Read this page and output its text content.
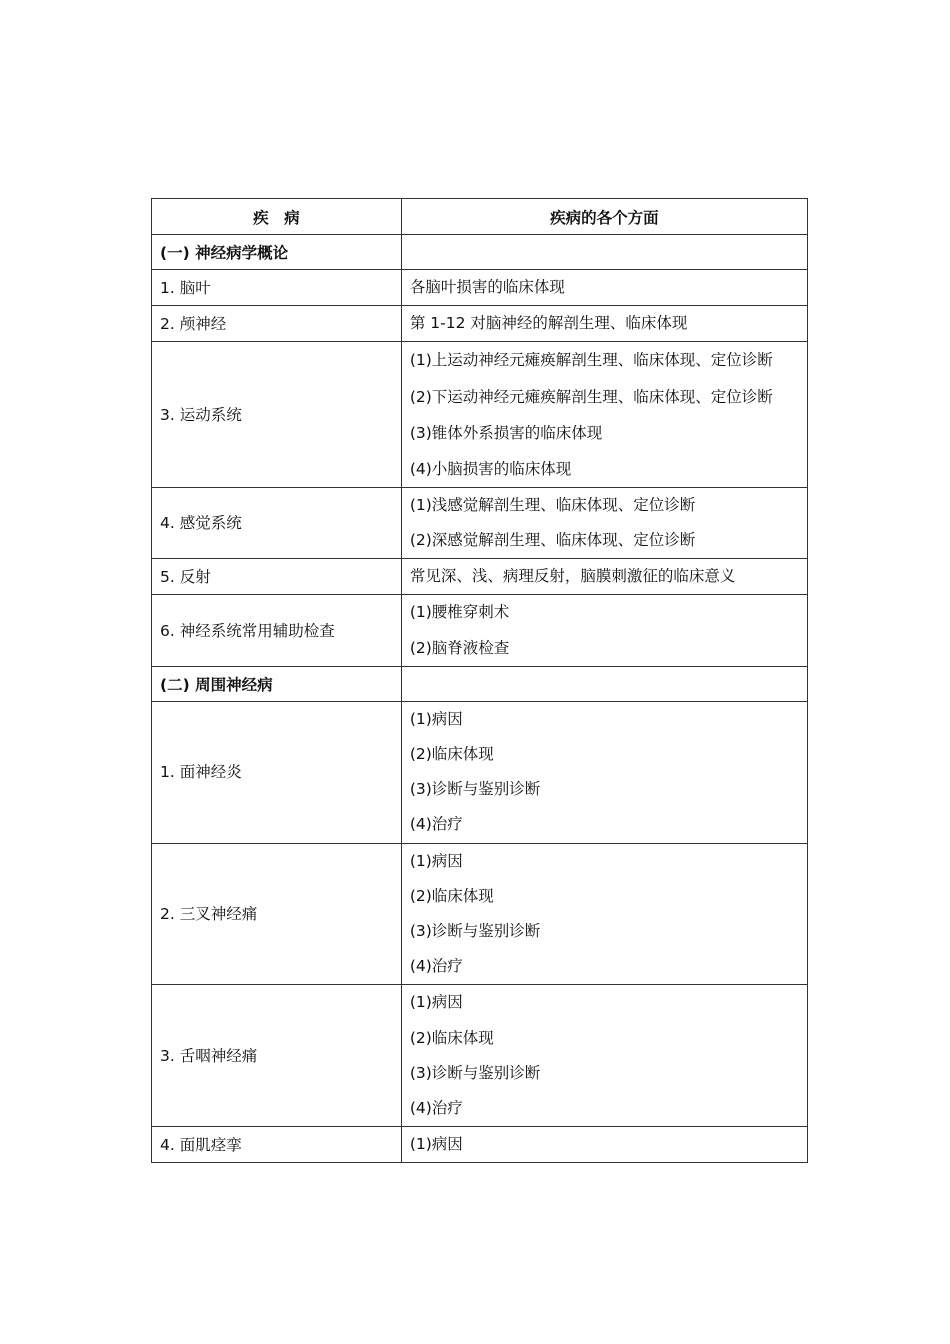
疾　病	疾病的各个方面
(一) 神经病学概论	
1. 脑叶	各脑叶损害的临床体现

2. 颅神经	第 1-12 对脑神经的解剖生理、临床体现

3. 运动系统	(1)上运动神经元瘫痪解剖生理、临床体现、定位诊断
(2)下运动神经元瘫痪解剖生理、临床体现、定位诊断
(3)锥体外系损害的临床体现
(4)小脑损害的临床体现

4. 感觉系统	(1)浅感觉解剖生理、临床体现、定位诊断
(2)深感觉解剖生理、临床体现、定位诊断

5. 反射	常见深、浅、病理反射，脑膜刺激征的临床意义

6. 神经系统常用辅助检查	(1)腰椎穿刺术
(2)脑脊液检查

(二) 周围神经病	
1. 面神经炎	(1)病因
(2)临床体现
(3)诊断与鉴别诊断
(4)治疗

2. 三叉神经痛	(1)病因
(2)临床体现
(3)诊断与鉴别诊断
(4)治疗

3. 舌咽神经痛	(1)病因
(2)临床体现
(3)诊断与鉴别诊断
(4)治疗

4. 面肌痉挛	(1)病因
